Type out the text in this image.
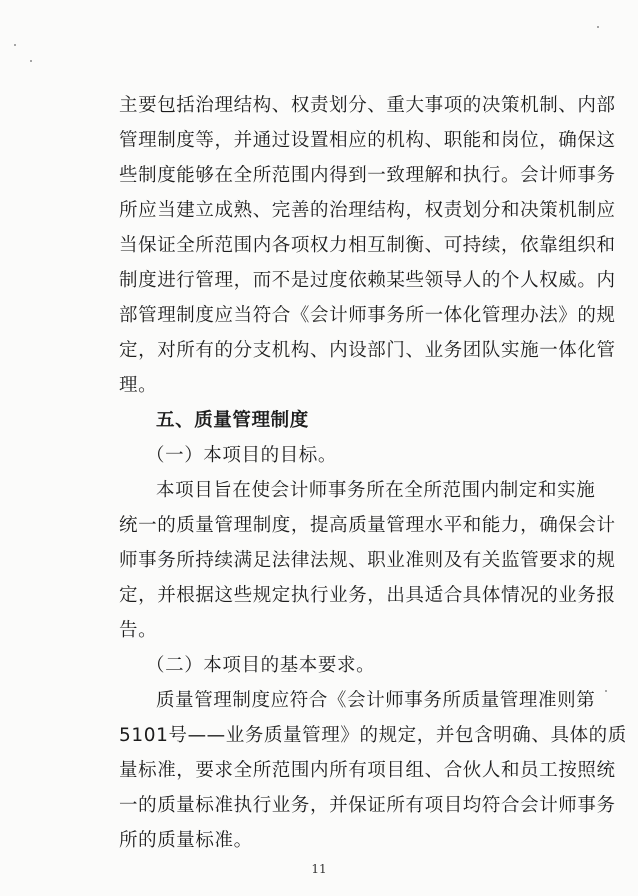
主要包括治理结构、权责划分、重大事项的决策机制、内部
管理制度等，并通过设置相应的机构、职能和岗位，确保这
些制度能够在全所范围内得到一致理解和执行。会计师事务
所应当建立成熟、完善的治理结构，权责划分和决策机制应
当保证全所范围内各项权力相互制衡、可持续，依靠组织和
制度进行管理，而不是过度依赖某些领导人的个人权威。内
部管理制度应当符合《会计师事务所一体化管理办法》的规
定，对所有的分支机构、内设部门、业务团队实施一体化管
理。
五、质量管理制度
（一）本项目的目标。
本项目旨在使会计师事务所在全所范围内制定和实施
统一的质量管理制度，提高质量管理水平和能力，确保会计
师事务所持续满足法律法规、职业准则及有关监管要求的规
定，并根据这些规定执行业务，出具适合具体情况的业务报
告。
（二）本项目的基本要求。
质量管理制度应符合《会计师事务所质量管理准则第
5101号——业务质量管理》的规定，并包含明确、具体的质
量标准，要求全所范围内所有项目组、合伙人和员工按照统
一的质量标准执行业务，并保证所有项目均符合会计师事务
所的质量标准。
11
